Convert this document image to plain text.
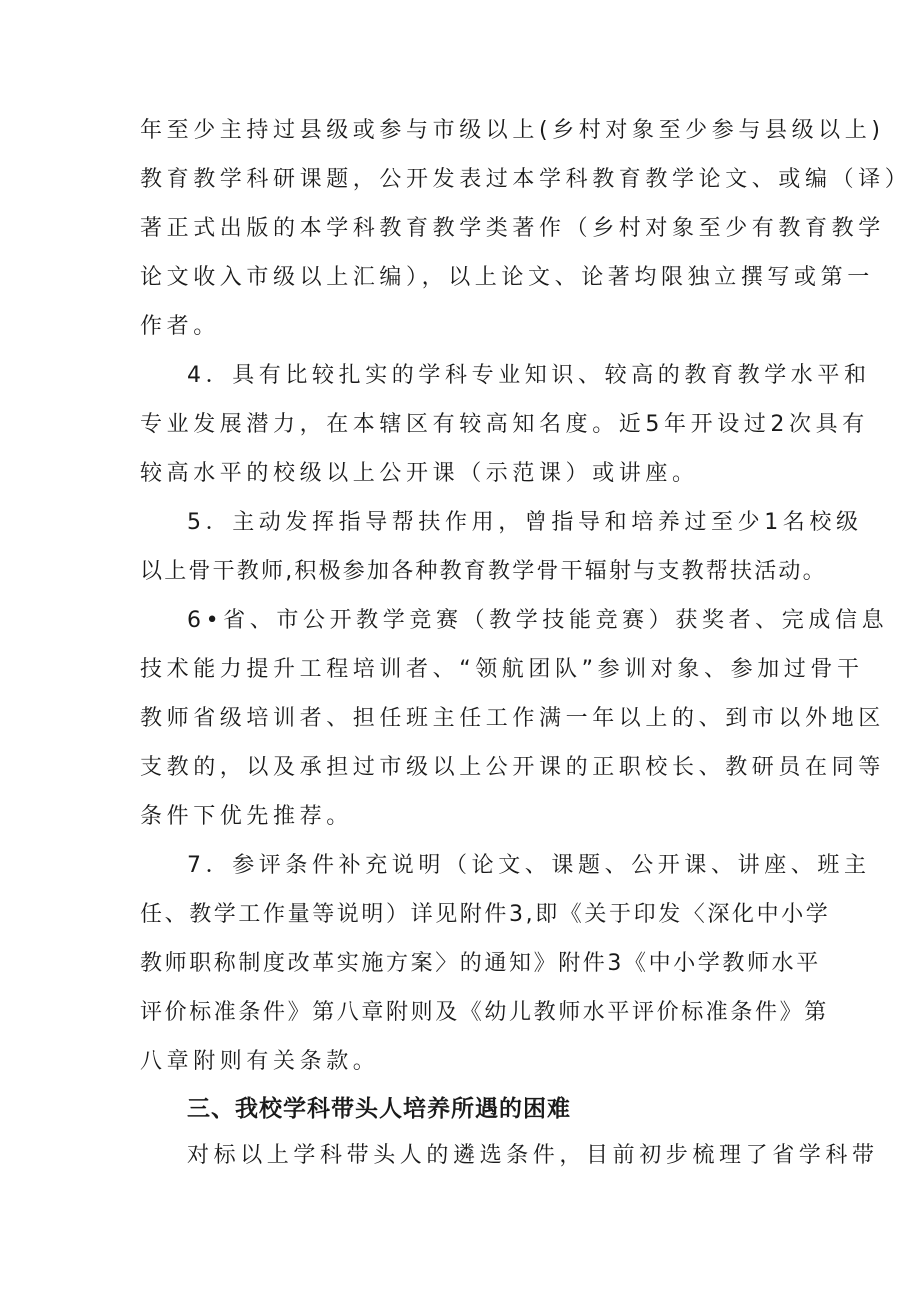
年至少主持过县级或参与市级以上(乡村对象至少参与县级以上)
教育教学科研课题，公开发表过本学科教育教学论文、或编（译）
著正式出版的本学科教育教学类著作（乡村对象至少有教育教学
论文收入市级以上汇编），以上论文、论著均限独立撰写或第一
作者。
4．具有比较扎实的学科专业知识、较高的教育教学水平和
专业发展潜力，在本辖区有较高知名度。近5年开设过2次具有
较高水平的校级以上公开课（示范课）或讲座。
5．主动发挥指导帮扶作用，曾指导和培养过至少1名校级
以上骨干教师,积极参加各种教育教学骨干辐射与支教帮扶活动。
6•省、市公开教学竞赛（教学技能竞赛）获奖者、完成信息
技术能力提升工程培训者、“领航团队”参训对象、参加过骨干
教师省级培训者、担任班主任工作满一年以上的、到市以外地区
支教的，以及承担过市级以上公开课的正职校长、教研员在同等
条件下优先推荐。
7．参评条件补充说明（论文、课题、公开课、讲座、班主
任、教学工作量等说明）详见附件3,即《关于印发〈深化中小学
教师职称制度改革实施方案〉的通知》附件3《中小学教师水平
评价标准条件》第八章附则及《幼儿教师水平评价标准条件》第
八章附则有关条款。
三、我校学科带头人培养所遇的困难
对标以上学科带头人的遴选条件，目前初步梳理了省学科带
